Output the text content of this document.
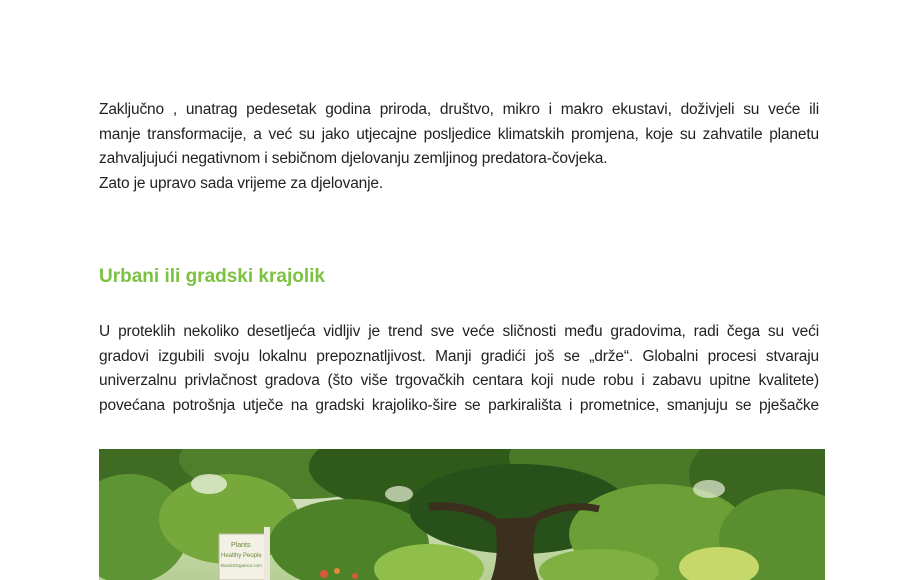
Zaključno , unatrag pedesetak godina priroda, društvo, mikro i makro ekustavi, doživjeli su veće ili
manje transformacije, a već su jako utjecajne posljedice klimatskih promjena, koje su zahvatile planetu
zahvaljujući negativnom i sebičnom djelovanju zemljinog predatora-čovjeka.
Zato je upravo sada vrijeme za djelovanje.
Urbani ili gradski krajolik
U proteklih nekoliko desetljeća vidljiv je trend sve veće sličnosti među gradovima, radi čega su veći
gradovi izgubili svoju lokalnu prepoznatljivost. Manji gradići još se „drže“. Globalni procesi stvaraju
univerzalnu privlačnost gradova (što više trgovačkih centara koji nude robu i zabavu upitne kvalitete)
povećana potrošnja utječe na gradski krajoliko-šire se parkirališta i prometnice, smanjuju se pješačke
Plants
Healthy People
BandoOrganics.com
